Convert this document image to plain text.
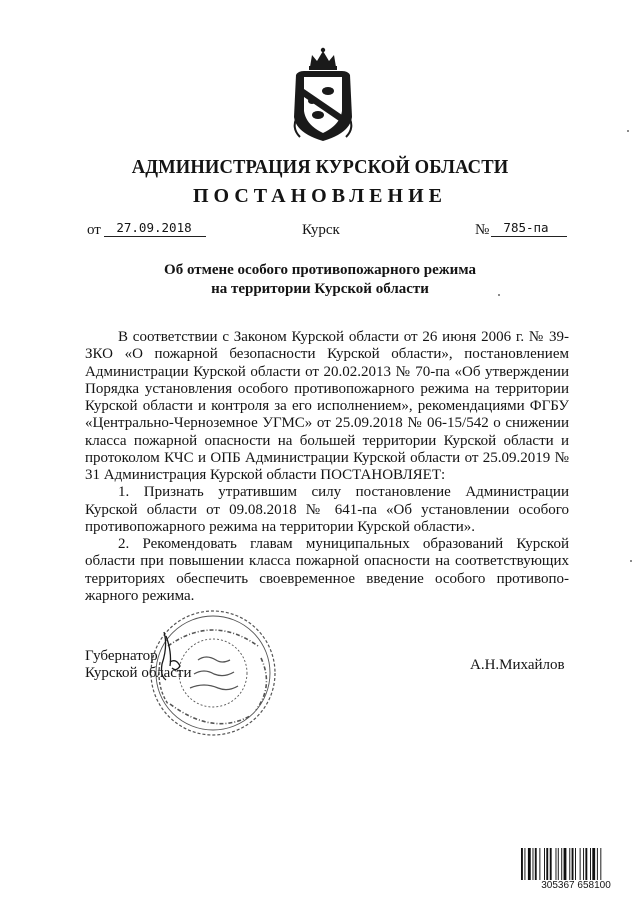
АДМИНИСТРАЦИЯ КУРСКОЙ ОБЛАСТИ
ПОСТАНОВЛЕНИЕ
от	27.09.2018	Курск	№	785-па
Об отмене особого противопожарного режима
на территории Курской области

В соответствии с Законом Курской области от 26 июня 2006 г. № 39-ЗКО «О пожарной безопасности Курской области», постановлением Администрации Курской области от 20.02.2013 № 70-па «Об утверждении Порядка установления особого противопожарного режима на территории Курской области и контроля за его исполнением», рекомендациями ФГБУ «Центрально-Черноземное УГМС» от 25.09.2018 № 06-15/542 о снижении класса пожарной опасности на большей территории Курской области и протоколом КЧС и ОПБ Администрации Курской области от 25.09.2019 № 31 Администрация Курской области ПОСТАНОВЛЯЕТ:

1. Признать утратившим силу постановление Администрации Курской области от 09.08.2018 № 641-па «Об установлении особого противопожарного режима на территории Курской области».

2. Рекомендовать главам муниципальных образований Курской области при повышении класса пожарной опасности на соответствующих территориях обеспечить своевременное введение особого противопожарного режима.

Губернатор
Курской области	А.Н.Михайлов
305367 658100
